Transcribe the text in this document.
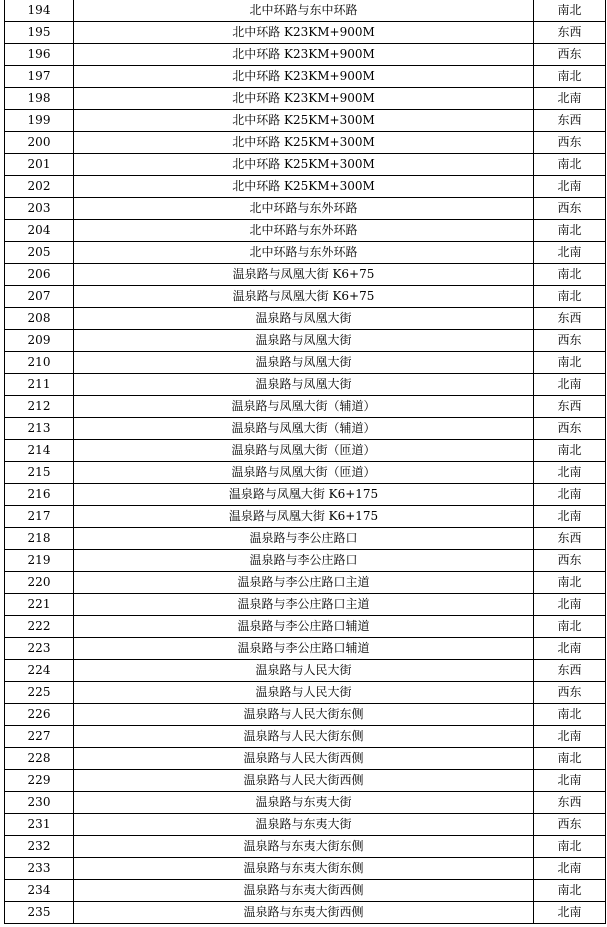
194	北中环路与东中环路	南北
195	北中环路 K23KM+900M	东西
196	北中环路 K23KM+900M	西东
197	北中环路 K23KM+900M	南北
198	北中环路 K23KM+900M	北南
199	北中环路 K25KM+300M	东西
200	北中环路 K25KM+300M	西东
201	北中环路 K25KM+300M	南北
202	北中环路 K25KM+300M	北南
203	北中环路与东外环路	西东
204	北中环路与东外环路	南北
205	北中环路与东外环路	北南
206	温泉路与凤凰大街 K6+75	南北
207	温泉路与凤凰大街 K6+75	南北
208	温泉路与凤凰大街	东西
209	温泉路与凤凰大街	西东
210	温泉路与凤凰大街	南北
211	温泉路与凤凰大街	北南
212	温泉路与凤凰大街（辅道）	东西
213	温泉路与凤凰大街（辅道）	西东
214	温泉路与凤凰大街（匝道）	南北
215	温泉路与凤凰大街（匝道）	北南
216	温泉路与凤凰大街 K6+175	北南
217	温泉路与凤凰大街 K6+175	北南
218	温泉路与李公庄路口	东西
219	温泉路与李公庄路口	西东
220	温泉路与李公庄路口主道	南北
221	温泉路与李公庄路口主道	北南
222	温泉路与李公庄路口辅道	南北
223	温泉路与李公庄路口辅道	北南
224	温泉路与人民大街	东西
225	温泉路与人民大街	西东
226	温泉路与人民大街东侧	南北
227	温泉路与人民大街东侧	北南
228	温泉路与人民大街西侧	南北
229	温泉路与人民大街西侧	北南
230	温泉路与东夷大街	东西
231	温泉路与东夷大街	西东
232	温泉路与东夷大街东侧	南北
233	温泉路与东夷大街东侧	北南
234	温泉路与东夷大街西侧	南北
235	温泉路与东夷大街西侧	北南
